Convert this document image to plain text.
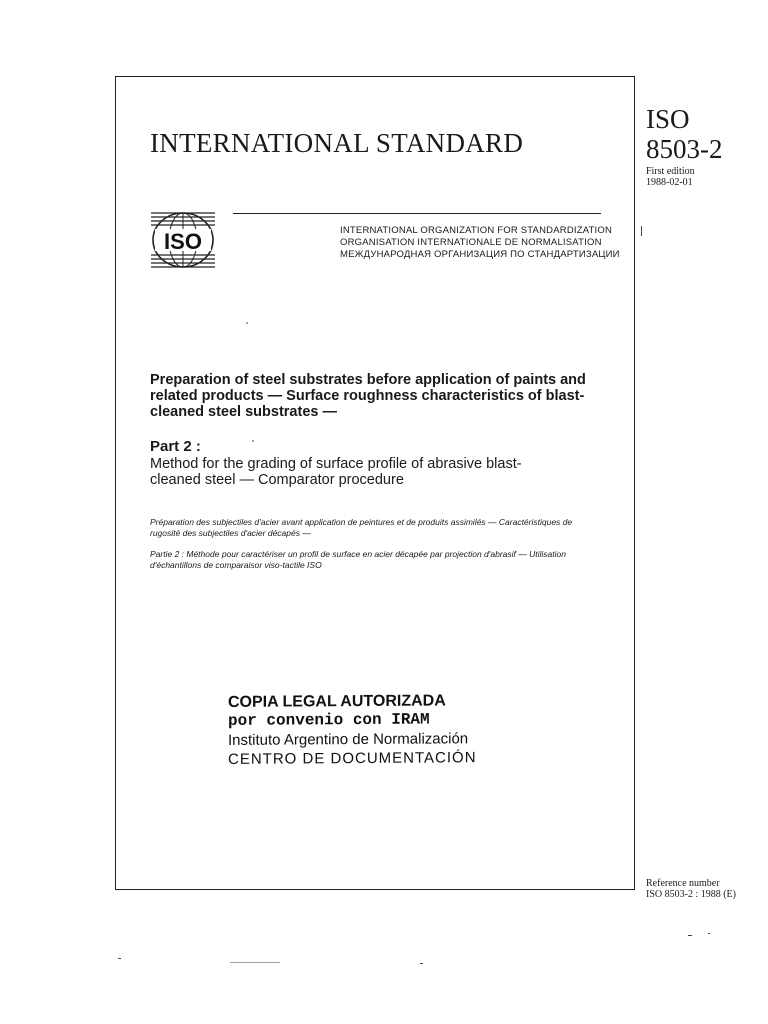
INTERNATIONAL STANDARD
ISO
8503-2
First edition
1988-02-01
ISO	INTERNATIONAL ORGANIZATION FOR STANDARDIZATION
ORGANISATION INTERNATIONALE DE NORMALISATION
МЕЖДУНАРОДНАЯ ОРГАНИЗАЦИЯ ПО СТАНДАРТИЗАЦИИ
Preparation of steel substrates before application of paints and related products — Surface roughness characteristics of blast-cleaned steel substrates —
Part 2 :
Method for the grading of surface profile of abrasive blast-cleaned steel — Comparator procedure
Préparation des subjectiles d'acier avant application de peintures et de produits assimilés — Caractéristiques de rugosité des subjectiles d'acier décapés —
Partie 2 : Méthode pour caractériser un profil de surface en acier décapée par projection d'abrasif — Utilisation d'échantillons de comparaisor viso-tactile ISO
COPIA LEGAL AUTORIZADA
por convenio con IRAM
Instituto Argentino de Normalización
CENTRO DE DOCUMENTACIÓN
Reference number
ISO 8503-2 : 1988 (E)
